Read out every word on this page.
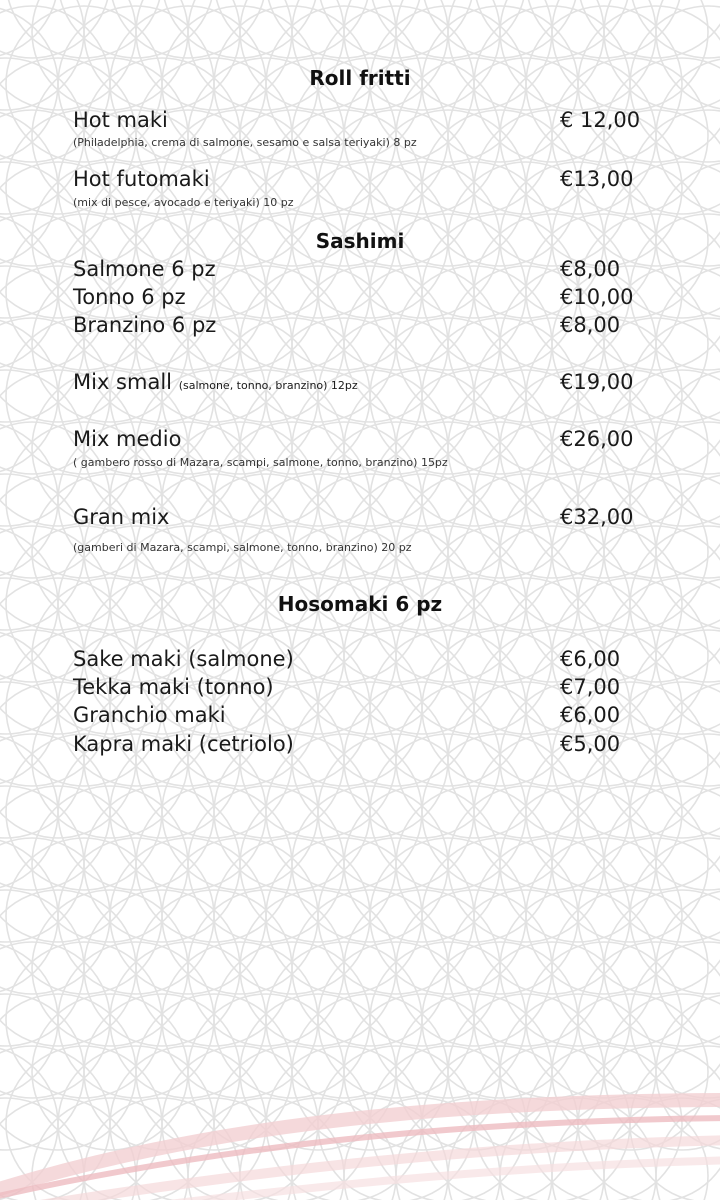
Roll fritti
Hot maki	€ 12,00
(Philadelphia, crema di salmone, sesamo e salsa teriyaki) 8 pz
Hot futomaki	€13,00
(mix di pesce, avocado e teriyaki) 10 pz
Sashimi
Salmone 6 pz	€8,00
Tonno 6 pz	€10,00
Branzino 6 pz	€8,00
Mix small (salmone, tonno, branzino) 12pz	€19,00
Mix medio	€26,00
( gambero rosso di Mazara, scampi, salmone, tonno, branzino) 15pz
Gran mix	€32,00
(gamberi di Mazara, scampi, salmone, tonno, branzino) 20 pz
Hosomaki 6 pz
Sake maki (salmone)	€6,00
Tekka maki (tonno)	€7,00
Granchio maki	€6,00
Kapra maki (cetriolo)	€5,00
